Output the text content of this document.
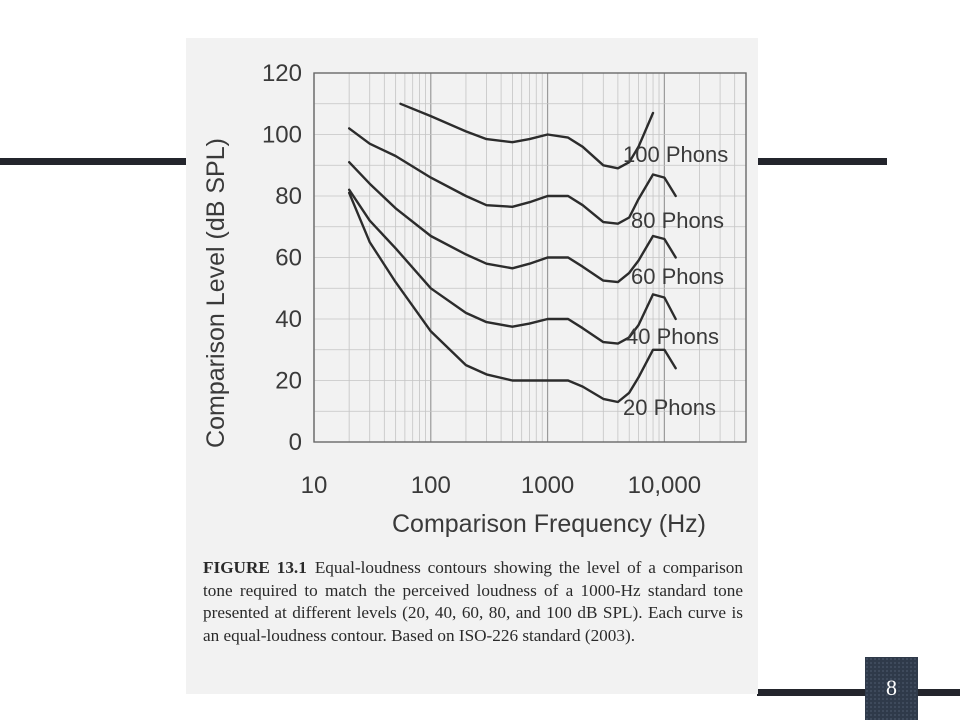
0
20
40
60
80
100
120
10	100	1000 10,000
100 Phons
80 Phons
60 Phons
40 Phons
20 Phons
Comparison Frequency (Hz)
Comparison Level (dB SPL)
FIGURE 13.1 Equal-loudness contours showing the level of a comparison tone required to match the perceived loudness of a 1000-Hz standard tone presented at different levels (20, 40, 60, 80, and 100 dB SPL). Each curve is an equal-loudness contour. Based on ISO-226 standard (2003).
8
